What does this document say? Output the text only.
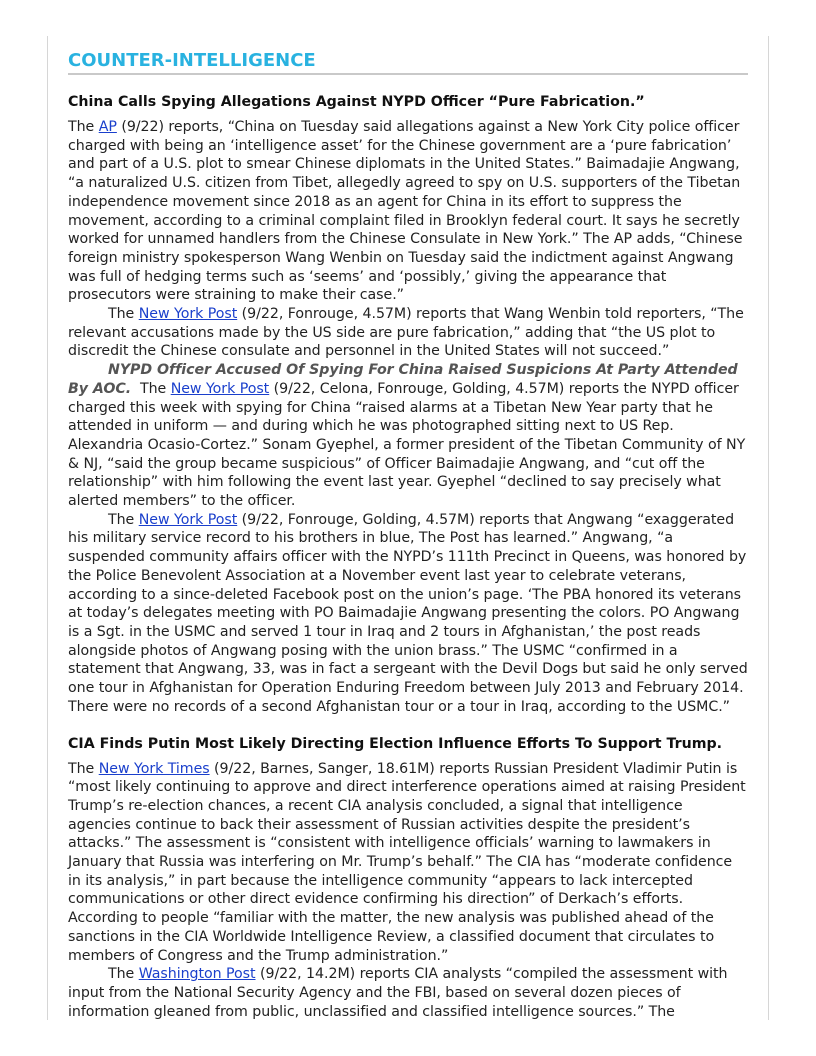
COUNTER-INTELLIGENCE
China Calls Spying Allegations Against NYPD Officer “Pure Fabrication.”

The AP (9/22) reports, “China on Tuesday said allegations against a New York City police officer charged with being an ‘intelligence asset’ for the Chinese government are a ‘pure fabrication’ and part of a U.S. plot to smear Chinese diplomats in the United States.” Baimadajie Angwang, “a naturalized U.S. citizen from Tibet, allegedly agreed to spy on U.S. supporters of the Tibetan independence movement since 2018 as an agent for China in its effort to suppress the movement, according to a criminal complaint filed in Brooklyn federal court. It says he secretly worked for unnamed handlers from the Chinese Consulate in New York.” The AP adds, “Chinese foreign ministry spokesperson Wang Wenbin on Tuesday said the indictment against Angwang was full of hedging terms such as ‘seems’ and ‘possibly,’ giving the appearance that prosecutors were straining to make their case.”

The New York Post (9/22, Fonrouge, 4.57M) reports that Wang Wenbin told reporters, “The relevant accusations made by the US side are pure fabrication,” adding that “the US plot to discredit the Chinese consulate and personnel in the United States will not succeed.”

NYPD Officer Accused Of Spying For China Raised Suspicions At Party Attended By AOC.  The New York Post (9/22, Celona, Fonrouge, Golding, 4.57M) reports the NYPD officer charged this week with spying for China “raised alarms at a Tibetan New Year party that he attended in uniform — and during which he was photographed sitting next to US Rep. Alexandria Ocasio-Cortez.” Sonam Gyephel, a former president of the Tibetan Community of NY & NJ, “said the group became suspicious” of Officer Baimadajie Angwang, and “cut off the relationship” with him following the event last year. Gyephel “declined to say precisely what alerted members” to the officer.

The New York Post (9/22, Fonrouge, Golding, 4.57M) reports that Angwang “exaggerated his military service record to his brothers in blue, The Post has learned.” Angwang, “a suspended community affairs officer with the NYPD’s 111th Precinct in Queens, was honored by the Police Benevolent Association at a November event last year to celebrate veterans, according to a since-deleted Facebook post on the union’s page. ‘The PBA honored its veterans at today’s delegates meeting with PO Baimadajie Angwang presenting the colors. PO Angwang is a Sgt. in the USMC and served 1 tour in Iraq and 2 tours in Afghanistan,’ the post reads alongside photos of Angwang posing with the union brass.” The USMC “confirmed in a statement that Angwang, 33, was in fact a sergeant with the Devil Dogs but said he only served one tour in Afghanistan for Operation Enduring Freedom between July 2013 and February 2014. There were no records of a second Afghanistan tour or a tour in Iraq, according to the USMC.”

CIA Finds Putin Most Likely Directing Election Influence Efforts To Support Trump.

The New York Times (9/22, Barnes, Sanger, 18.61M) reports Russian President Vladimir Putin is “most likely continuing to approve and direct interference operations aimed at raising President Trump’s re-election chances, a recent CIA analysis concluded, a signal that intelligence agencies continue to back their assessment of Russian activities despite the president’s attacks.” The assessment is “consistent with intelligence officials’ warning to lawmakers in January that Russia was interfering on Mr. Trump’s behalf.” The CIA has “moderate confidence in its analysis,” in part because the intelligence community “appears to lack intercepted communications or other direct evidence confirming his direction” of Derkach’s efforts. According to people “familiar with the matter, the new analysis was published ahead of the sanctions in the CIA Worldwide Intelligence Review, a classified document that circulates to members of Congress and the Trump administration.”

The Washington Post (9/22, 14.2M) reports CIA analysts “compiled the assessment with input from the National Security Agency and the FBI, based on several dozen pieces of information gleaned from public, unclassified and classified intelligence sources.” The
